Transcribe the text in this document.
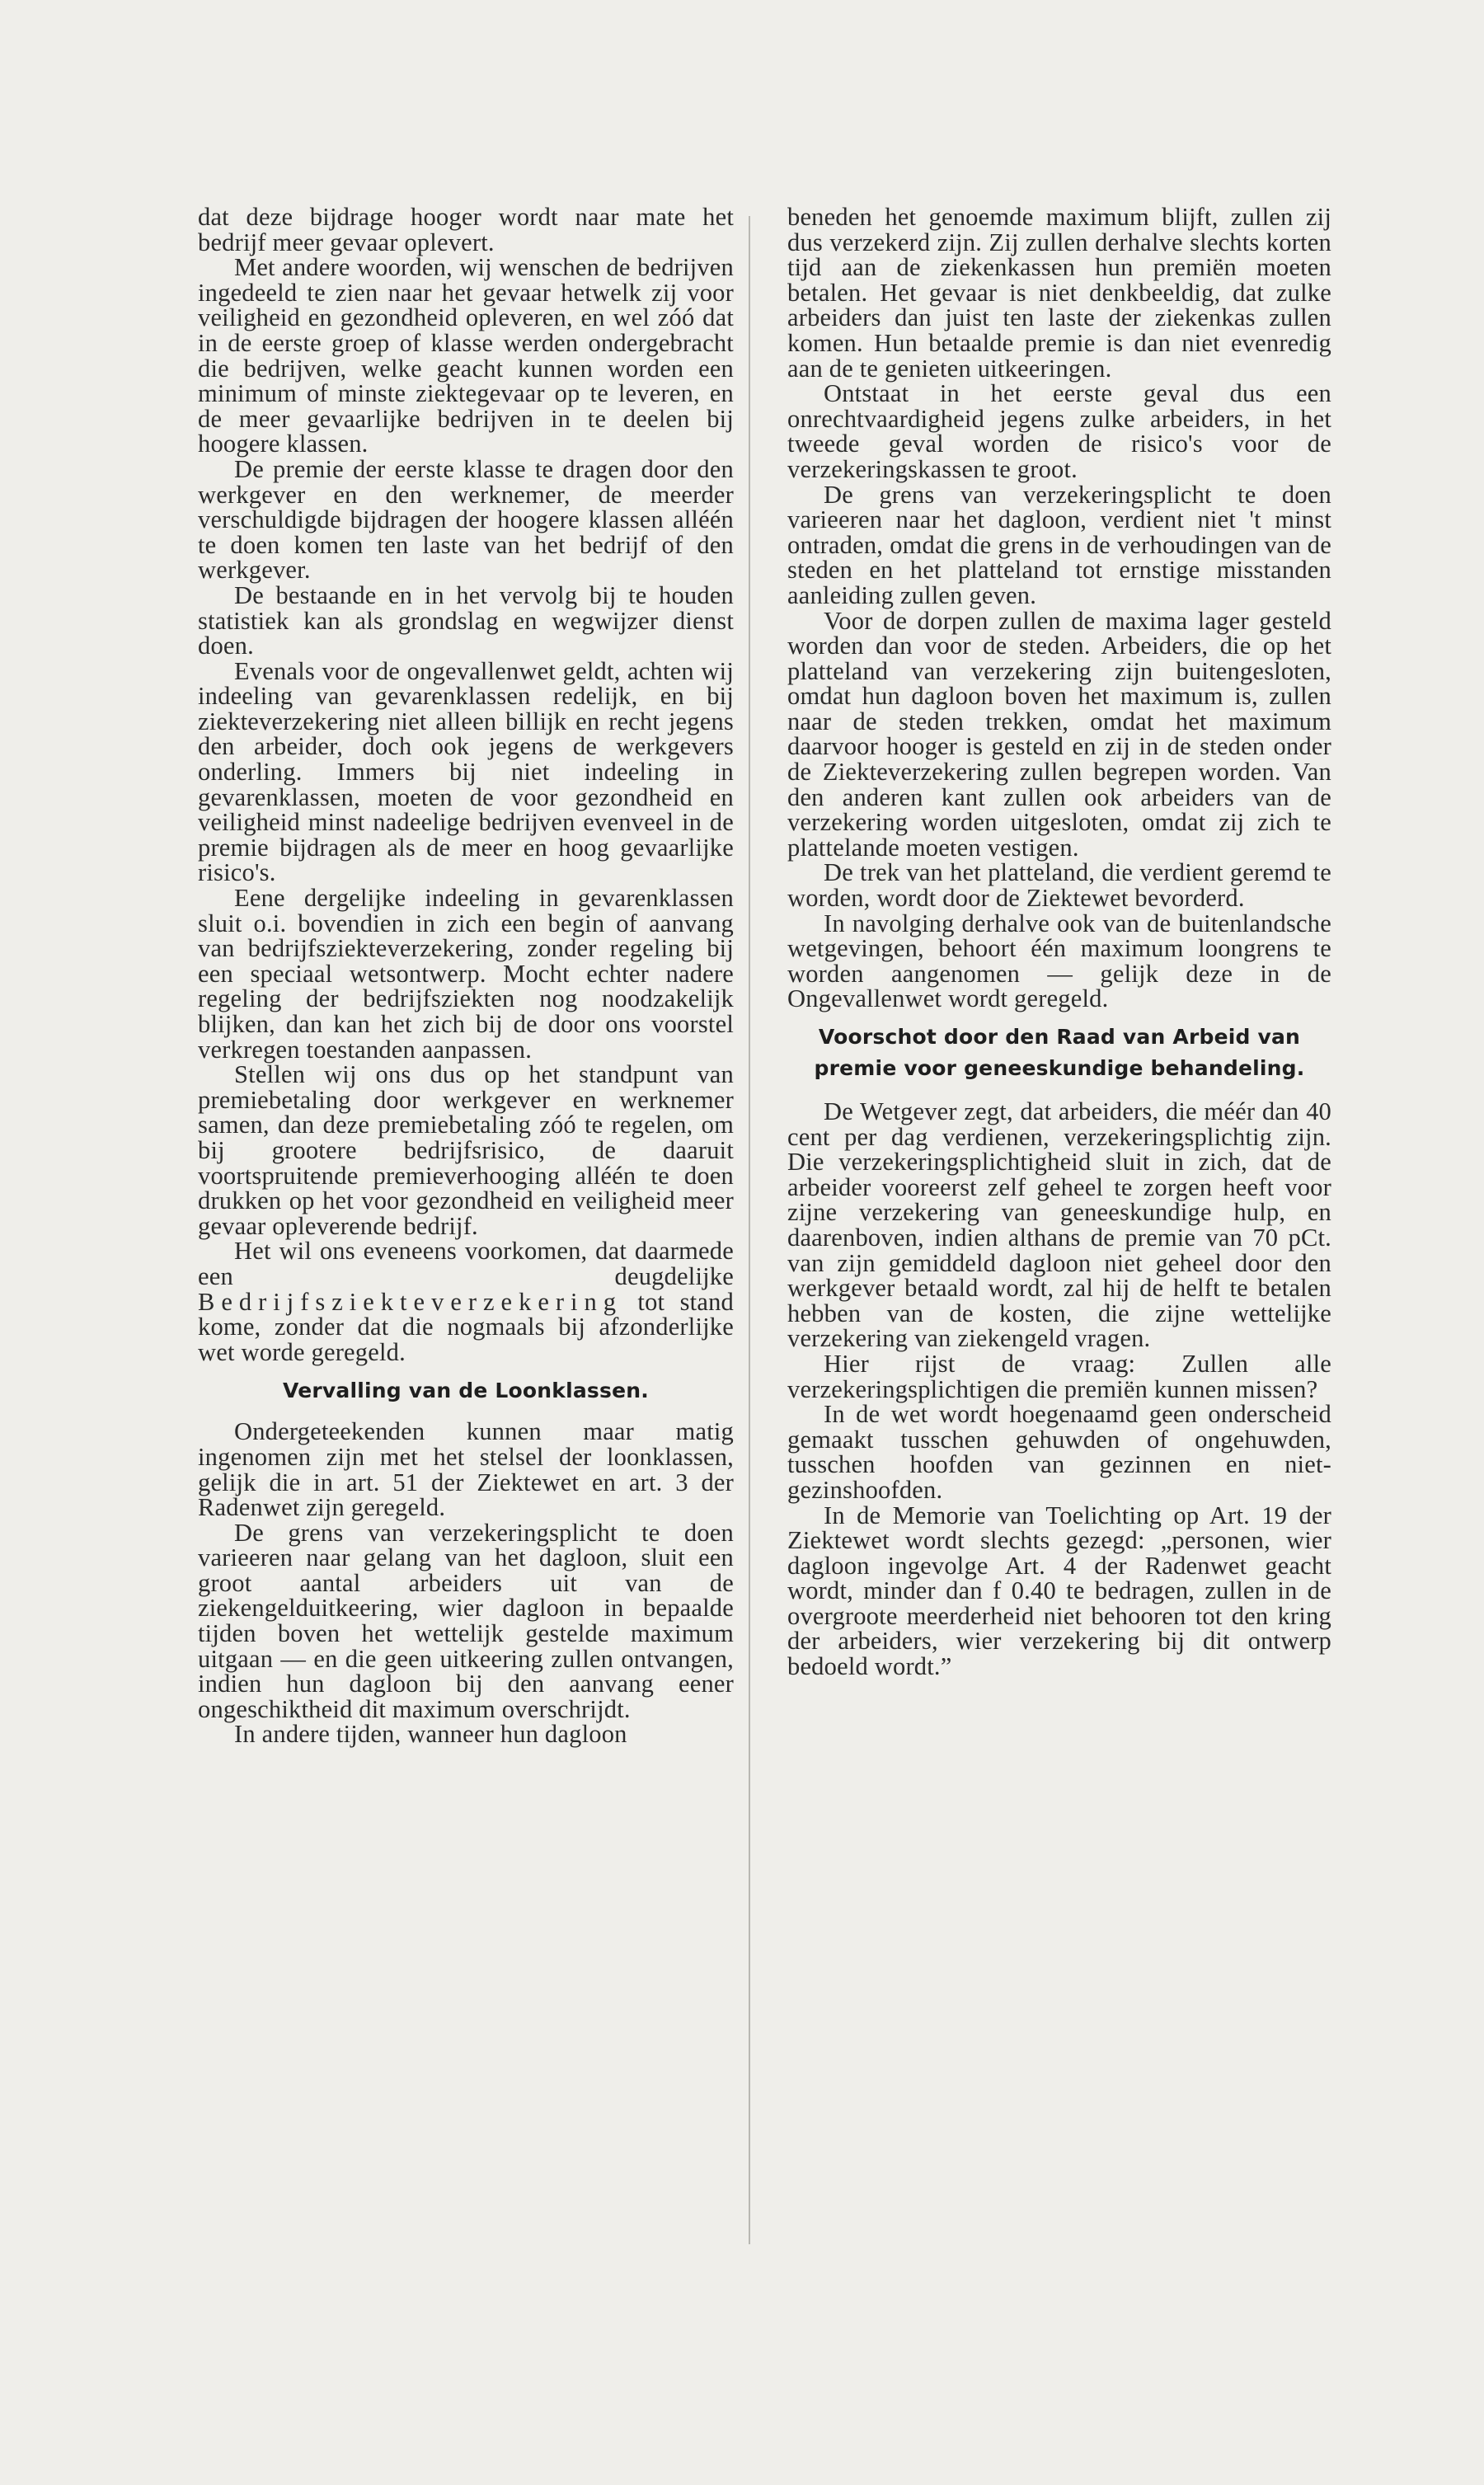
dat deze bijdrage hooger wordt naar mate het bedrijf meer gevaar oplevert.

Met andere woorden, wij wenschen de bedrijven ingedeeld te zien naar het gevaar hetwelk zij voor veiligheid en gezondheid opleveren, en wel zóó dat in de eerste groep of klasse werden ondergebracht die bedrijven, welke geacht kunnen worden een minimum of minste ziektegevaar op te leveren, en de meer gevaarlijke bedrijven in te deelen bij hoogere klassen.

De premie der eerste klasse te dragen door den werkgever en den werknemer, de meerder verschuldigde bijdragen der hoogere klassen alléén te doen komen ten laste van het bedrijf of den werkgever.

De bestaande en in het vervolg bij te houden statistiek kan als grondslag en wegwijzer dienst doen.

Evenals voor de ongevallenwet geldt, achten wij indeeling van gevarenklassen redelijk, en bij ziekteverzekering niet alleen billijk en recht jegens den arbeider, doch ook jegens de werkgevers onderling. Immers bij niet indeeling in gevarenklassen, moeten de voor gezondheid en veiligheid minst nadeelige bedrijven evenveel in de premie bijdragen als de meer en hoog gevaarlijke risico's.

Eene dergelijke indeeling in gevarenklassen sluit o.i. bovendien in zich een begin of aanvang van bedrijfsziekteverzekering, zonder regeling bij een speciaal wetsontwerp. Mocht echter nadere regeling der bedrijfsziekten nog noodzakelijk blijken, dan kan het zich bij de door ons voorstel verkregen toestanden aanpassen.

Stellen wij ons dus op het standpunt van premiebetaling door werkgever en werknemer samen, dan deze premiebetaling zóó te regelen, om bij grootere bedrijfsrisico, de daaruit voortspruitende premieverhooging alléén te doen drukken op het voor gezondheid en veiligheid meer gevaar opleverende bedrijf.

Het wil ons eveneens voorkomen, dat daarmede een deugdelijke Bedrijfsziekteverzekering tot stand kome, zonder dat die nogmaals bij afzonderlijke wet worde geregeld.

Vervalling van de Loonklassen.

Ondergeteekenden kunnen maar matig ingenomen zijn met het stelsel der loonklassen, gelijk die in art. 51 der Ziektewet en art. 3 der Radenwet zijn geregeld.

De grens van verzekeringsplicht te doen varieeren naar gelang van het dagloon, sluit een groot aantal arbeiders uit van de ziekengelduitkeering, wier dagloon in bepaalde tijden boven het wettelijk gestelde maximum uitgaan — en die geen uitkeering zullen ontvangen, indien hun dagloon bij den aanvang eener ongeschiktheid dit maximum overschrijdt.

In andere tijden, wanneer hun dagloon

beneden het genoemde maximum blijft, zullen zij dus verzekerd zijn. Zij zullen derhalve slechts korten tijd aan de ziekenkassen hun premiën moeten betalen. Het gevaar is niet denkbeeldig, dat zulke arbeiders dan juist ten laste der ziekenkas zullen komen. Hun betaalde premie is dan niet evenredig aan de te genieten uitkeeringen.

Ontstaat in het eerste geval dus een onrechtvaardigheid jegens zulke arbeiders, in het tweede geval worden de risico's voor de verzekeringskassen te groot.

De grens van verzekeringsplicht te doen varieeren naar het dagloon, verdient niet 't minst ontraden, omdat die grens in de verhoudingen van de steden en het platteland tot ernstige misstanden aanleiding zullen geven.

Voor de dorpen zullen de maxima lager gesteld worden dan voor de steden. Arbeiders, die op het platteland van verzekering zijn buitengesloten, omdat hun dagloon boven het maximum is, zullen naar de steden trekken, omdat het maximum daarvoor hooger is gesteld en zij in de steden onder de Ziekteverzekering zullen begrepen worden. Van den anderen kant zullen ook arbeiders van de verzekering worden uitgesloten, omdat zij zich te plattelande moeten vestigen.

De trek van het platteland, die verdient geremd te worden, wordt door de Ziektewet bevorderd.

In navolging derhalve ook van de buitenlandsche wetgevingen, behoort één maximum loongrens te worden aangenomen — gelijk deze in de Ongevallenwet wordt geregeld.

Voorschot door den Raad van Arbeid van
premie voor geneeskundige behandeling.

De Wetgever zegt, dat arbeiders, die méér dan 40 cent per dag verdienen, verzekeringsplichtig zijn. Die verzekeringsplichtigheid sluit in zich, dat de arbeider vooreerst zelf geheel te zorgen heeft voor zijne verzekering van geneeskundige hulp, en daarenboven, indien althans de premie van 70 pCt. van zijn gemiddeld dagloon niet geheel door den werkgever betaald wordt, zal hij de helft te betalen hebben van de kosten, die zijne wettelijke verzekering van ziekengeld vragen.

Hier rijst de vraag: Zullen alle verzekeringsplichtigen die premiën kunnen missen?

In de wet wordt hoegenaamd geen onderscheid gemaakt tusschen gehuwden of ongehuwden, tusschen hoofden van gezinnen en niet-gezinshoofden.

In de Memorie van Toelichting op Art. 19 der Ziektewet wordt slechts gezegd: „personen, wier dagloon ingevolge Art. 4 der Radenwet geacht wordt, minder dan f 0.40 te bedragen, zullen in de overgroote meerderheid niet behooren tot den kring der arbeiders, wier verzekering bij dit ontwerp bedoeld wordt.”
